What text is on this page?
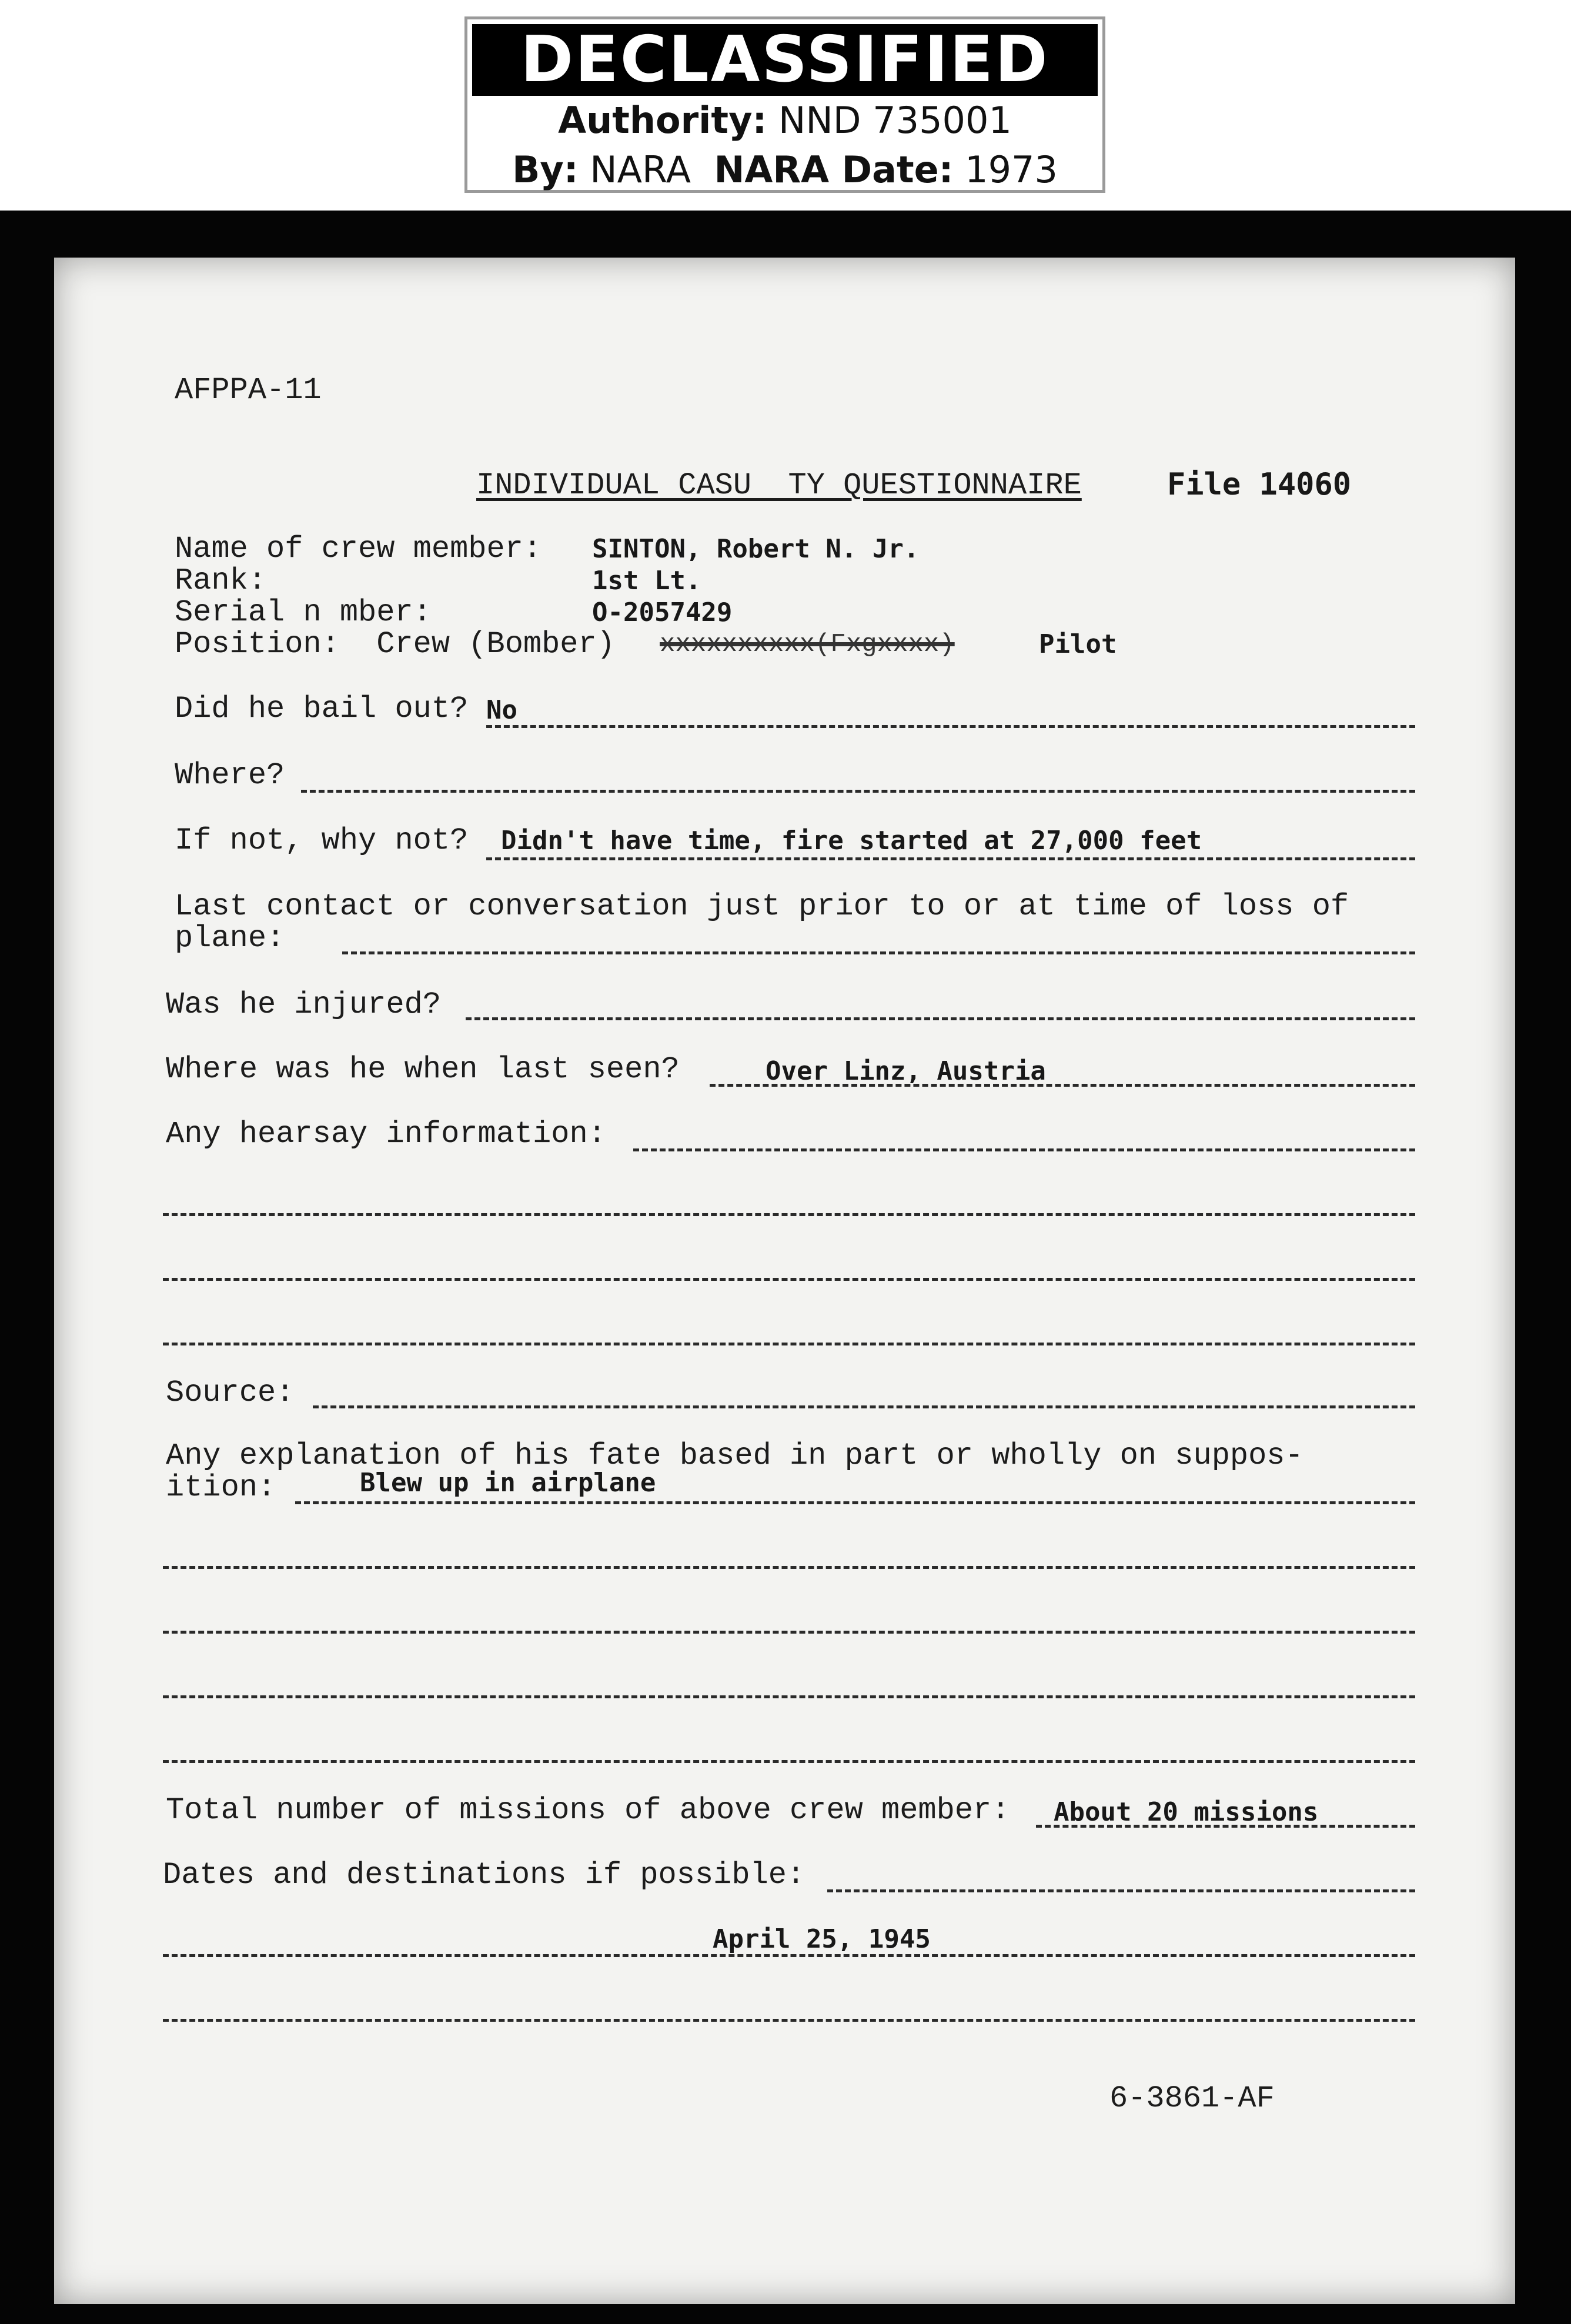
DECLASSIFIED
Authority: NND 735001
By: NARA NARA Date: 1973
AFPPA-11
INDIVIDUAL CASU  TY QUESTIONNAIRE	File 14060
Name of crew member: SINTON, Robert N. Jr.
Rank:	1st Lt.
Serial n mber:	O-2057429
Position:  Crew (Bomber) xxxxxxxxxx(Fxgxxxx)	Pilot
Did he bail out? No
Where?
If not, why not? Didn't have time, fire started at 27,000 feet
Last contact or conversation just prior to or at time of loss of
plane:
Was he injured?
Where was he when last seen?	Over Linz, Austria
Any hearsay information:
Source:
Any explanation of his fate based in part or wholly on suppos-
ition:	Blew up in airplane
Total number of missions of above crew member: About 20 missions
Dates and destinations if possible:
April 25, 1945
6-3861-AF
